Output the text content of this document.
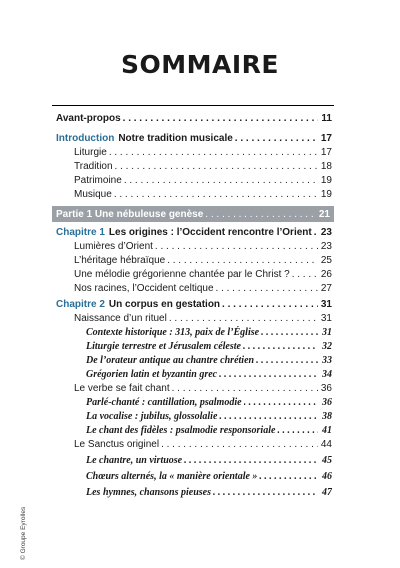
SOMMAIRE
Avant-propos . . .	11
Introduction Notre tradition musicale . . .	17
Liturgie . . .	17
Tradition . . .	18
Patrimoine . . .	19
Musique . . .	19
Partie 1 Une nébuleuse genèse . . .	21
Chapitre 1 Les origines : l’Occident rencontre l’Orient . . . 23
Lumières d’Orient . . .	23
L’héritage hébraïque . . .	25
Une mélodie grégorienne chantée par le Christ ? . . .	26
Nos racines, l’Occident celtique . . .	27
Chapitre 2 Un corpus en gestation . . .	31
Naissance d’un rituel . . .	31
Contexte historique : 313, paix de l’Église . . .	31
Liturgie terrestre et Jérusalem céleste . . .	32
De l’orateur antique au chantre chrétien . . .	33
Grégorien latin et byzantin grec . . .	34
Le verbe se fait chant . . .	36
Parlé-chanté : cantillation, psalmodie . . .	36
La vocalise : jubilus, glossolalie . . .	38
Le chant des fidèles : psalmodie responsoriale . . .	41
Le Sanctus originel . . .	44
Le chantre, un virtuose . . .	45
Chœurs alternés, la « manière orientale » . . .	46
Les hymnes, chansons pieuses . . .	47
© Groupe Eyrolles
